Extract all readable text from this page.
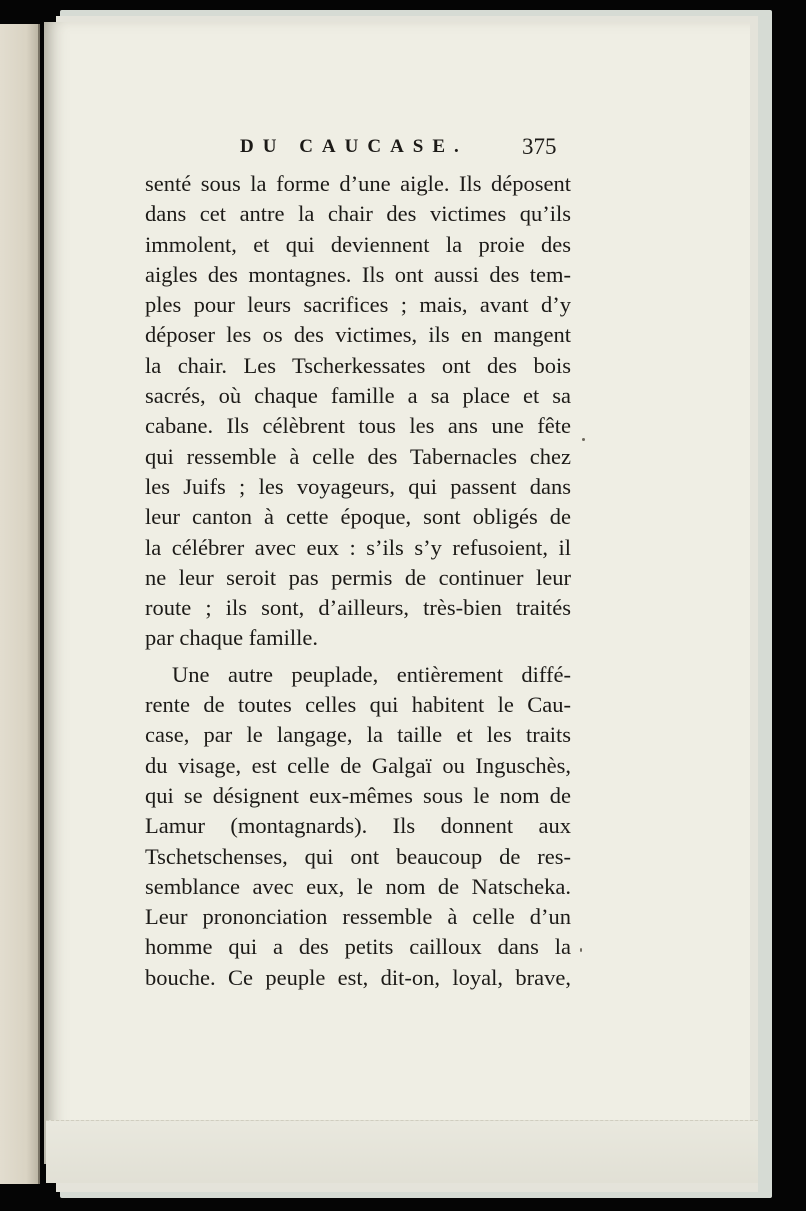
DU CAUCASE. 375
senté sous la forme d’une aigle. Ils déposent
dans cet antre la chair des victimes qu’ils
immolent, et qui deviennent la proie des
aigles des montagnes. Ils ont aussi des tem-
ples pour leurs sacrifices ; mais, avant d’y
déposer les os des victimes, ils en mangent
la chair. Les Tscherkessates ont des bois
sacrés, où chaque famille a sa place et sa
cabane. Ils célèbrent tous les ans une fête
qui ressemble à celle des Tabernacles chez
les Juifs ; les voyageurs, qui passent dans
leur canton à cette époque, sont obligés de
la célébrer avec eux : s’ils s’y refusoient, il
ne leur seroit pas permis de continuer leur
route ; ils sont, d’ailleurs, très-bien traités
par chaque famille.
Une autre peuplade, entièrement diffé-
rente de toutes celles qui habitent le Cau-
case, par le langage, la taille et les traits
du visage, est celle de Galgaï ou Inguschès,
qui se désignent eux-mêmes sous le nom de
Lamur (montagnards). Ils donnent aux
Tschetschenses, qui ont beaucoup de res-
semblance avec eux, le nom de Natscheka.
Leur prononciation ressemble à celle d’un
homme qui a des petits cailloux dans la
bouche. Ce peuple est, dit-on, loyal, brave,
